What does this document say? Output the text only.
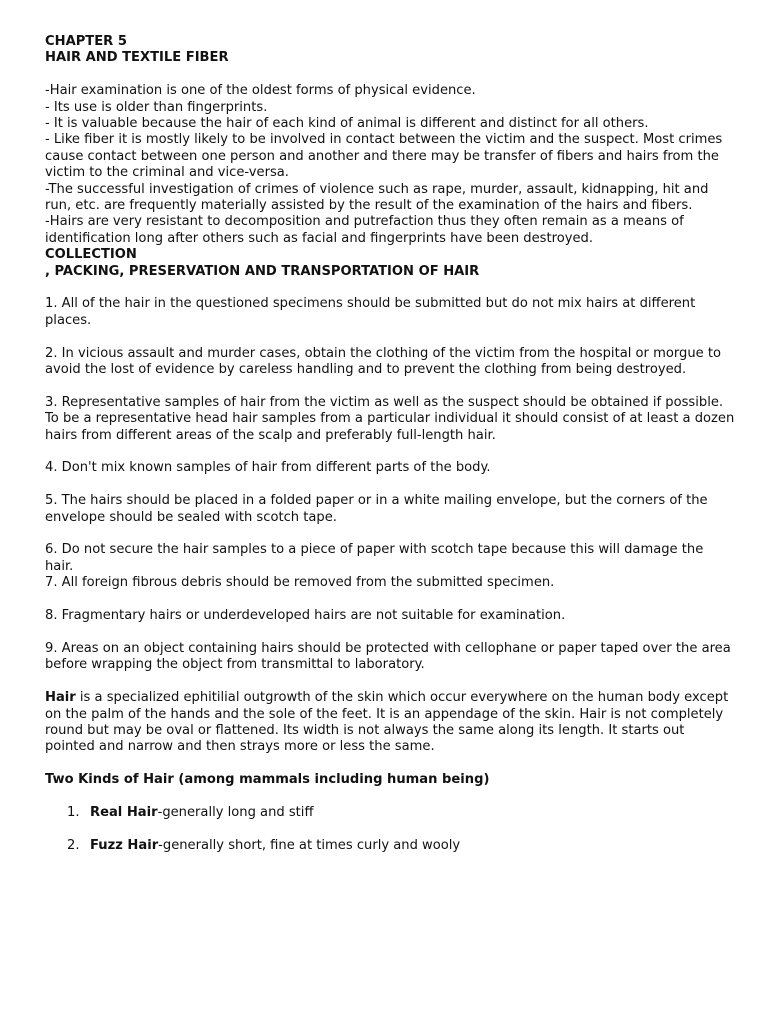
CHAPTER 5

HAIR AND TEXTILE FIBER

-Hair examination is one of the oldest forms of physical evidence.

- Its use is older than fingerprints.

- It is valuable because the hair of each kind of animal is different and distinct for all others.

- Like fiber it is mostly likely to be involved in contact between the victim and the suspect. Most crimes cause contact between one person and another and there may be transfer of fibers and hairs from the victim to the criminal and vice-versa.

-The successful investigation of crimes of violence such as rape, murder, assault, kidnapping, hit and run, etc. are frequently materially assisted by the result of the examination of the hairs and fibers.

-Hairs are very resistant to decomposition and putrefaction thus they often remain as a means of identification long after others such as facial and fingerprints have been destroyed.

COLLECTION

, PACKING, PRESERVATION AND TRANSPORTATION OF HAIR

1. All of the hair in the questioned specimens should be submitted but do not mix hairs at different places.

2. In vicious assault and murder cases, obtain the clothing of the victim from the hospital or morgue to avoid the lost of evidence by careless handling and to prevent the clothing from being destroyed.

3. Representative samples of hair from the victim as well as the suspect should be obtained if possible. To be a representative head hair samples from a particular individual it should consist of at least a dozen hairs from different areas of the scalp and preferably full-length hair.

4. Don't mix known samples of hair from different parts of the body.

5. The hairs should be placed in a folded paper or in a white mailing envelope, but the corners of the envelope should be sealed with scotch tape.

6. Do not secure the hair samples to a piece of paper with scotch tape because this will damage the hair.

7. All foreign fibrous debris should be removed from the submitted specimen.

8. Fragmentary hairs or underdeveloped hairs are not suitable for examination.

9. Areas on an object containing hairs should be protected with cellophane or paper taped over the area before wrapping the object from transmittal to laboratory.

Hair is a specialized ephitilial outgrowth of the skin which occur everywhere on the human body except on the palm of the hands and the sole of the feet. It is an appendage of the skin. Hair is not completely round but may be oval or flattened. Its width is not always the same along its length. It starts out pointed and narrow and then strays more or less the same.

Two Kinds of Hair (among mammals including human being)

1. Real Hair-generally long and stiff
2. Fuzz Hair-generally short, fine at times curly and wooly
